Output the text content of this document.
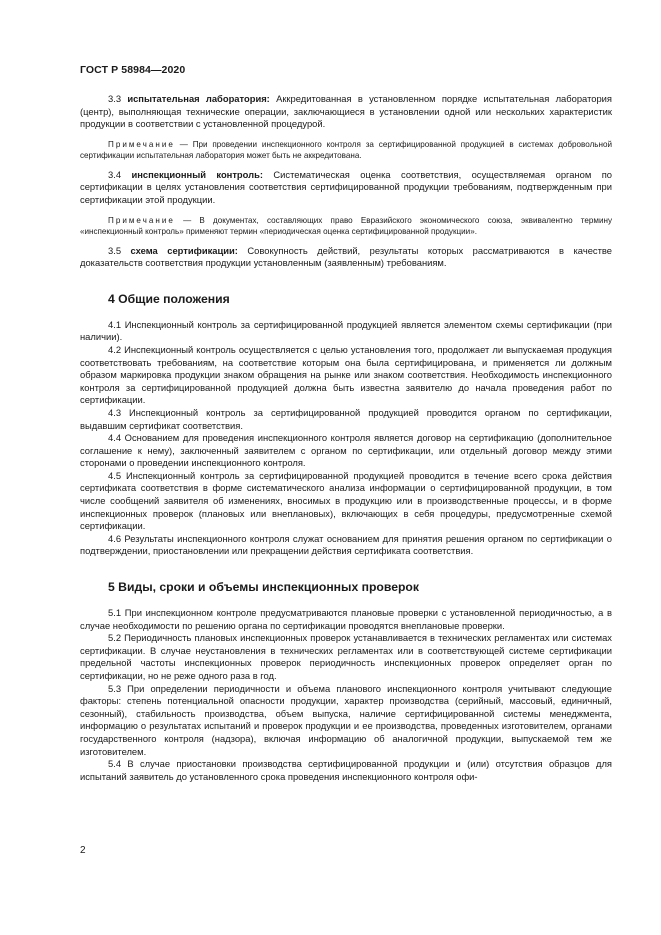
ГОСТ Р 58984—2020

3.3 испытательная лаборатория: Аккредитованная в установленном порядке испытательная лаборатория (центр), выполняющая технические операции, заключающиеся в установлении одной или нескольких характеристик продукции в соответствии с установленной процедурой.

Примечание — При проведении инспекционного контроля за сертифицированной продукцией в системах добровольной сертификации испытательная лаборатория может быть не аккредитована.

3.4 инспекционный контроль: Систематическая оценка соответствия, осуществляемая органом по сертификации в целях установления соответствия сертифицированной продукции требованиям, подтвержденным при сертификации этой продукции.

Примечание — В документах, составляющих право Евразийского экономического союза, эквивалентно термину «инспекционный контроль» применяют термин «периодическая оценка сертифицированной продукции».

3.5 схема сертификации: Совокупность действий, результаты которых рассматриваются в качестве доказательств соответствия продукции установленным (заявленным) требованиям.

4 Общие положения

4.1 Инспекционный контроль за сертифицированной продукцией является элементом схемы сертификации (при наличии).

4.2 Инспекционный контроль осуществляется с целью установления того, продолжает ли выпускаемая продукция соответствовать требованиям, на соответствие которым она была сертифицирована, и применяется ли должным образом маркировка продукции знаком обращения на рынке или знаком соответствия. Необходимость инспекционного контроля за сертифицированной продукцией должна быть известна заявителю до начала проведения работ по сертификации.

4.3 Инспекционный контроль за сертифицированной продукцией проводится органом по сертификации, выдавшим сертификат соответствия.

4.4 Основанием для проведения инспекционного контроля является договор на сертификацию (дополнительное соглашение к нему), заключенный заявителем с органом по сертификации, или отдельный договор между этими сторонами о проведении инспекционного контроля.

4.5 Инспекционный контроль за сертифицированной продукцией проводится в течение всего срока действия сертификата соответствия в форме систематического анализа информации о сертифицированной продукции, в том числе сообщений заявителя об изменениях, вносимых в продукцию или в производственные процессы, и в форме инспекционных проверок (плановых или внеплановых), включающих в себя процедуры, предусмотренные схемой сертификации.

4.6 Результаты инспекционного контроля служат основанием для принятия решения органом по сертификации о подтверждении, приостановлении или прекращении действия сертификата соответствия.

5 Виды, сроки и объемы инспекционных проверок

5.1 При инспекционном контроле предусматриваются плановые проверки с установленной периодичностью, а в случае необходимости по решению органа по сертификации проводятся внеплановые проверки.

5.2 Периодичность плановых инспекционных проверок устанавливается в технических регламентах или системах сертификации. В случае неустановления в технических регламентах или в соответствующей системе сертификации предельной частоты инспекционных проверок периодичность инспекционных проверок определяет орган по сертификации, но не реже одного раза в год.

5.3 При определении периодичности и объема планового инспекционного контроля учитывают следующие факторы: степень потенциальной опасности продукции, характер производства (серийный, массовый, единичный, сезонный), стабильность производства, объем выпуска, наличие сертифицированной системы менеджмента, информацию о результатах испытаний и проверок продукции и ее производства, проведенных изготовителем, органами государственного контроля (надзора), включая информацию об аналогичной продукции, выпускаемой тем же изготовителем.

5.4 В случае приостановки производства сертифицированной продукции и (или) отсутствия образцов для испытаний заявитель до установленного срока проведения инспекционного контроля офи-

2
